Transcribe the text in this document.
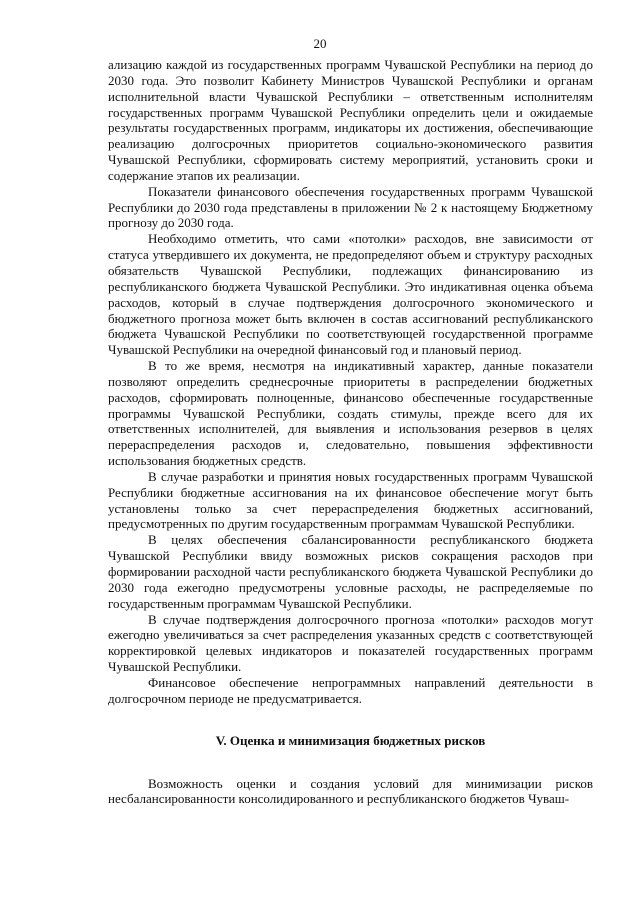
20

ализацию каждой из государственных программ Чувашской Республики на период до 2030 года. Это позволит Кабинету Министров Чувашской Республики и органам исполнительной власти Чувашской Республики – ответственным исполнителям государственных программ Чувашской Республики определить цели и ожидаемые результаты государственных программ, индикаторы их достижения, обеспечивающие реализацию долгосрочных приоритетов социально-экономического развития Чувашской Республики, сформировать систему мероприятий, установить сроки и содержание этапов их реализации.

Показатели финансового обеспечения государственных программ Чувашской Республики до 2030 года представлены в приложении № 2 к настоящему Бюджетному прогнозу до 2030 года.

Необходимо отметить, что сами «потолки» расходов, вне зависимости от статуса утвердившего их документа, не предопределяют объем и структуру расходных обязательств Чувашской Республики, подлежащих финансированию из республиканского бюджета Чувашской Республики. Это индикативная оценка объема расходов, который в случае подтверждения долгосрочного экономического и бюджетного прогноза может быть включен в состав ассигнований республиканского бюджета Чувашской Республики по соответствующей государственной программе Чувашской Республики на очередной финансовый год и плановый период.

В то же время, несмотря на индикативный характер, данные показатели позволяют определить среднесрочные приоритеты в распределении бюджетных расходов, сформировать полноценные, финансово обеспеченные государственные программы Чувашской Республики, создать стимулы, прежде всего для их ответственных исполнителей, для выявления и использования резервов в целях перераспределения расходов и, следовательно, повышения эффективности использования бюджетных средств.

В случае разработки и принятия новых государственных программ Чувашской Республики бюджетные ассигнования на их финансовое обеспечение могут быть установлены только за счет перераспределения бюджетных ассигнований, предусмотренных по другим государственным программам Чувашской Республики.

В целях обеспечения сбалансированности республиканского бюджета Чувашской Республики ввиду возможных рисков сокращения расходов при формировании расходной части республиканского бюджета Чувашской Республики до 2030 года ежегодно предусмотрены условные расходы, не распределяемые по государственным программам Чувашской Республики.

В случае подтверждения долгосрочного прогноза «потолки» расходов могут ежегодно увеличиваться за счет распределения указанных средств с соответствующей корректировкой целевых индикаторов и показателей государственных программ Чувашской Республики.

Финансовое обеспечение непрограммных направлений деятельности в долгосрочном периоде не предусматривается.

V. Оценка и минимизация бюджетных рисков

Возможность оценки и создания условий для минимизации рисков несбалансированности консолидированного и республиканского бюджетов Чуваш-
